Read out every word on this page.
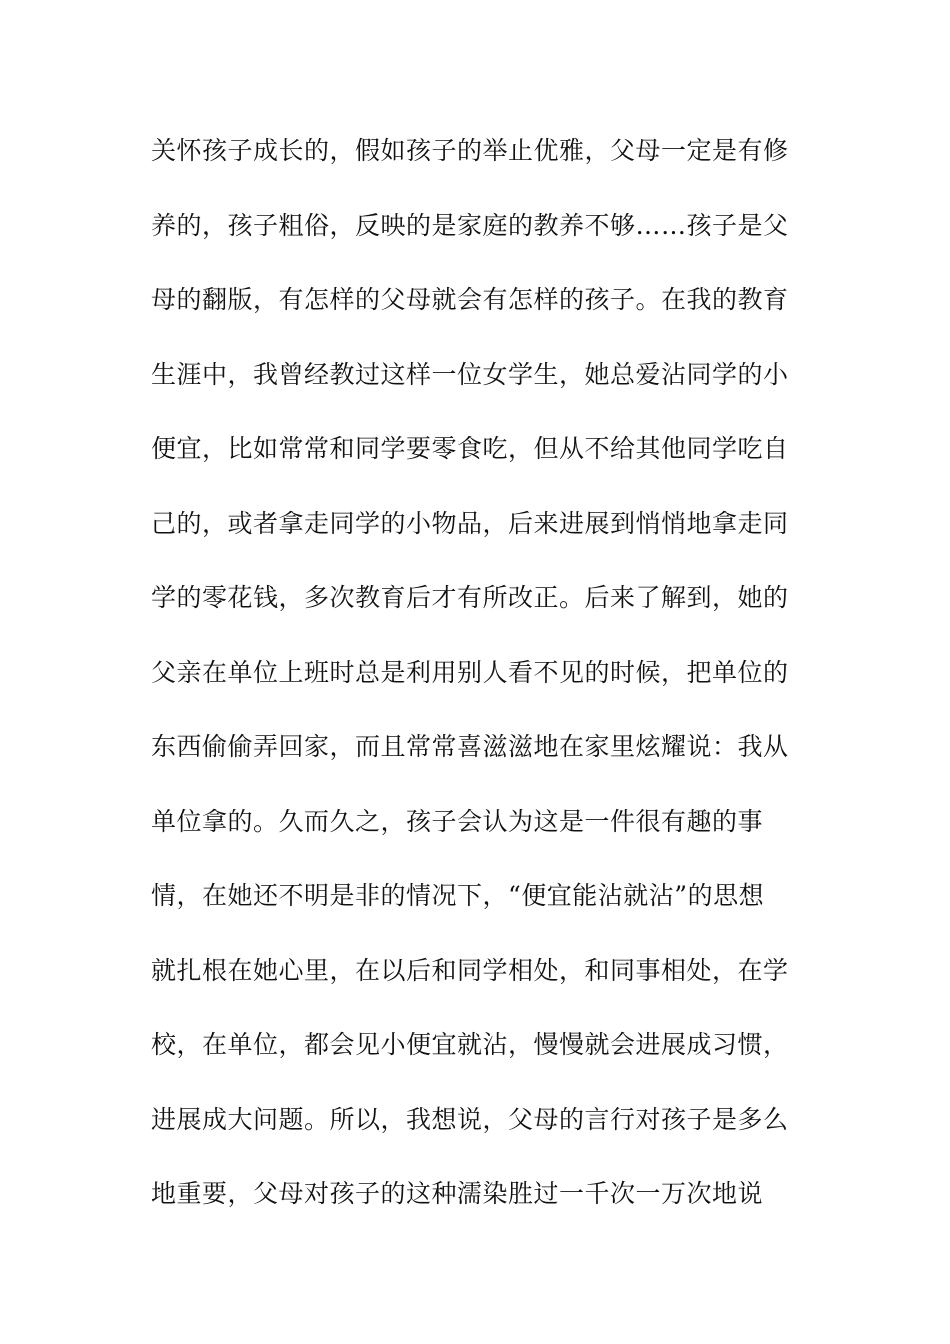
关怀孩子成长的，假如孩子的举止优雅，父母一定是有修
养的，孩子粗俗，反映的是家庭的教养不够……孩子是父
母的翻版，有怎样的父母就会有怎样的孩子。在我的教育
生涯中，我曾经教过这样一位女学生，她总爱沾同学的小
便宜，比如常常和同学要零食吃，但从不给其他同学吃自
己的，或者拿走同学的小物品，后来进展到悄悄地拿走同
学的零花钱，多次教育后才有所改正。后来了解到，她的
父亲在单位上班时总是利用别人看不见的时候，把单位的
东西偷偷弄回家，而且常常喜滋滋地在家里炫耀说：我从
单位拿的。久而久之，孩子会认为这是一件很有趣的事
情，在她还不明是非的情况下，“便宜能沾就沾”的思想
就扎根在她心里，在以后和同学相处，和同事相处，在学
校，在单位，都会见小便宜就沾，慢慢就会进展成习惯，
进展成大问题。所以，我想说，父母的言行对孩子是多么
地重要，父母对孩子的这种濡染胜过一千次一万次地说
